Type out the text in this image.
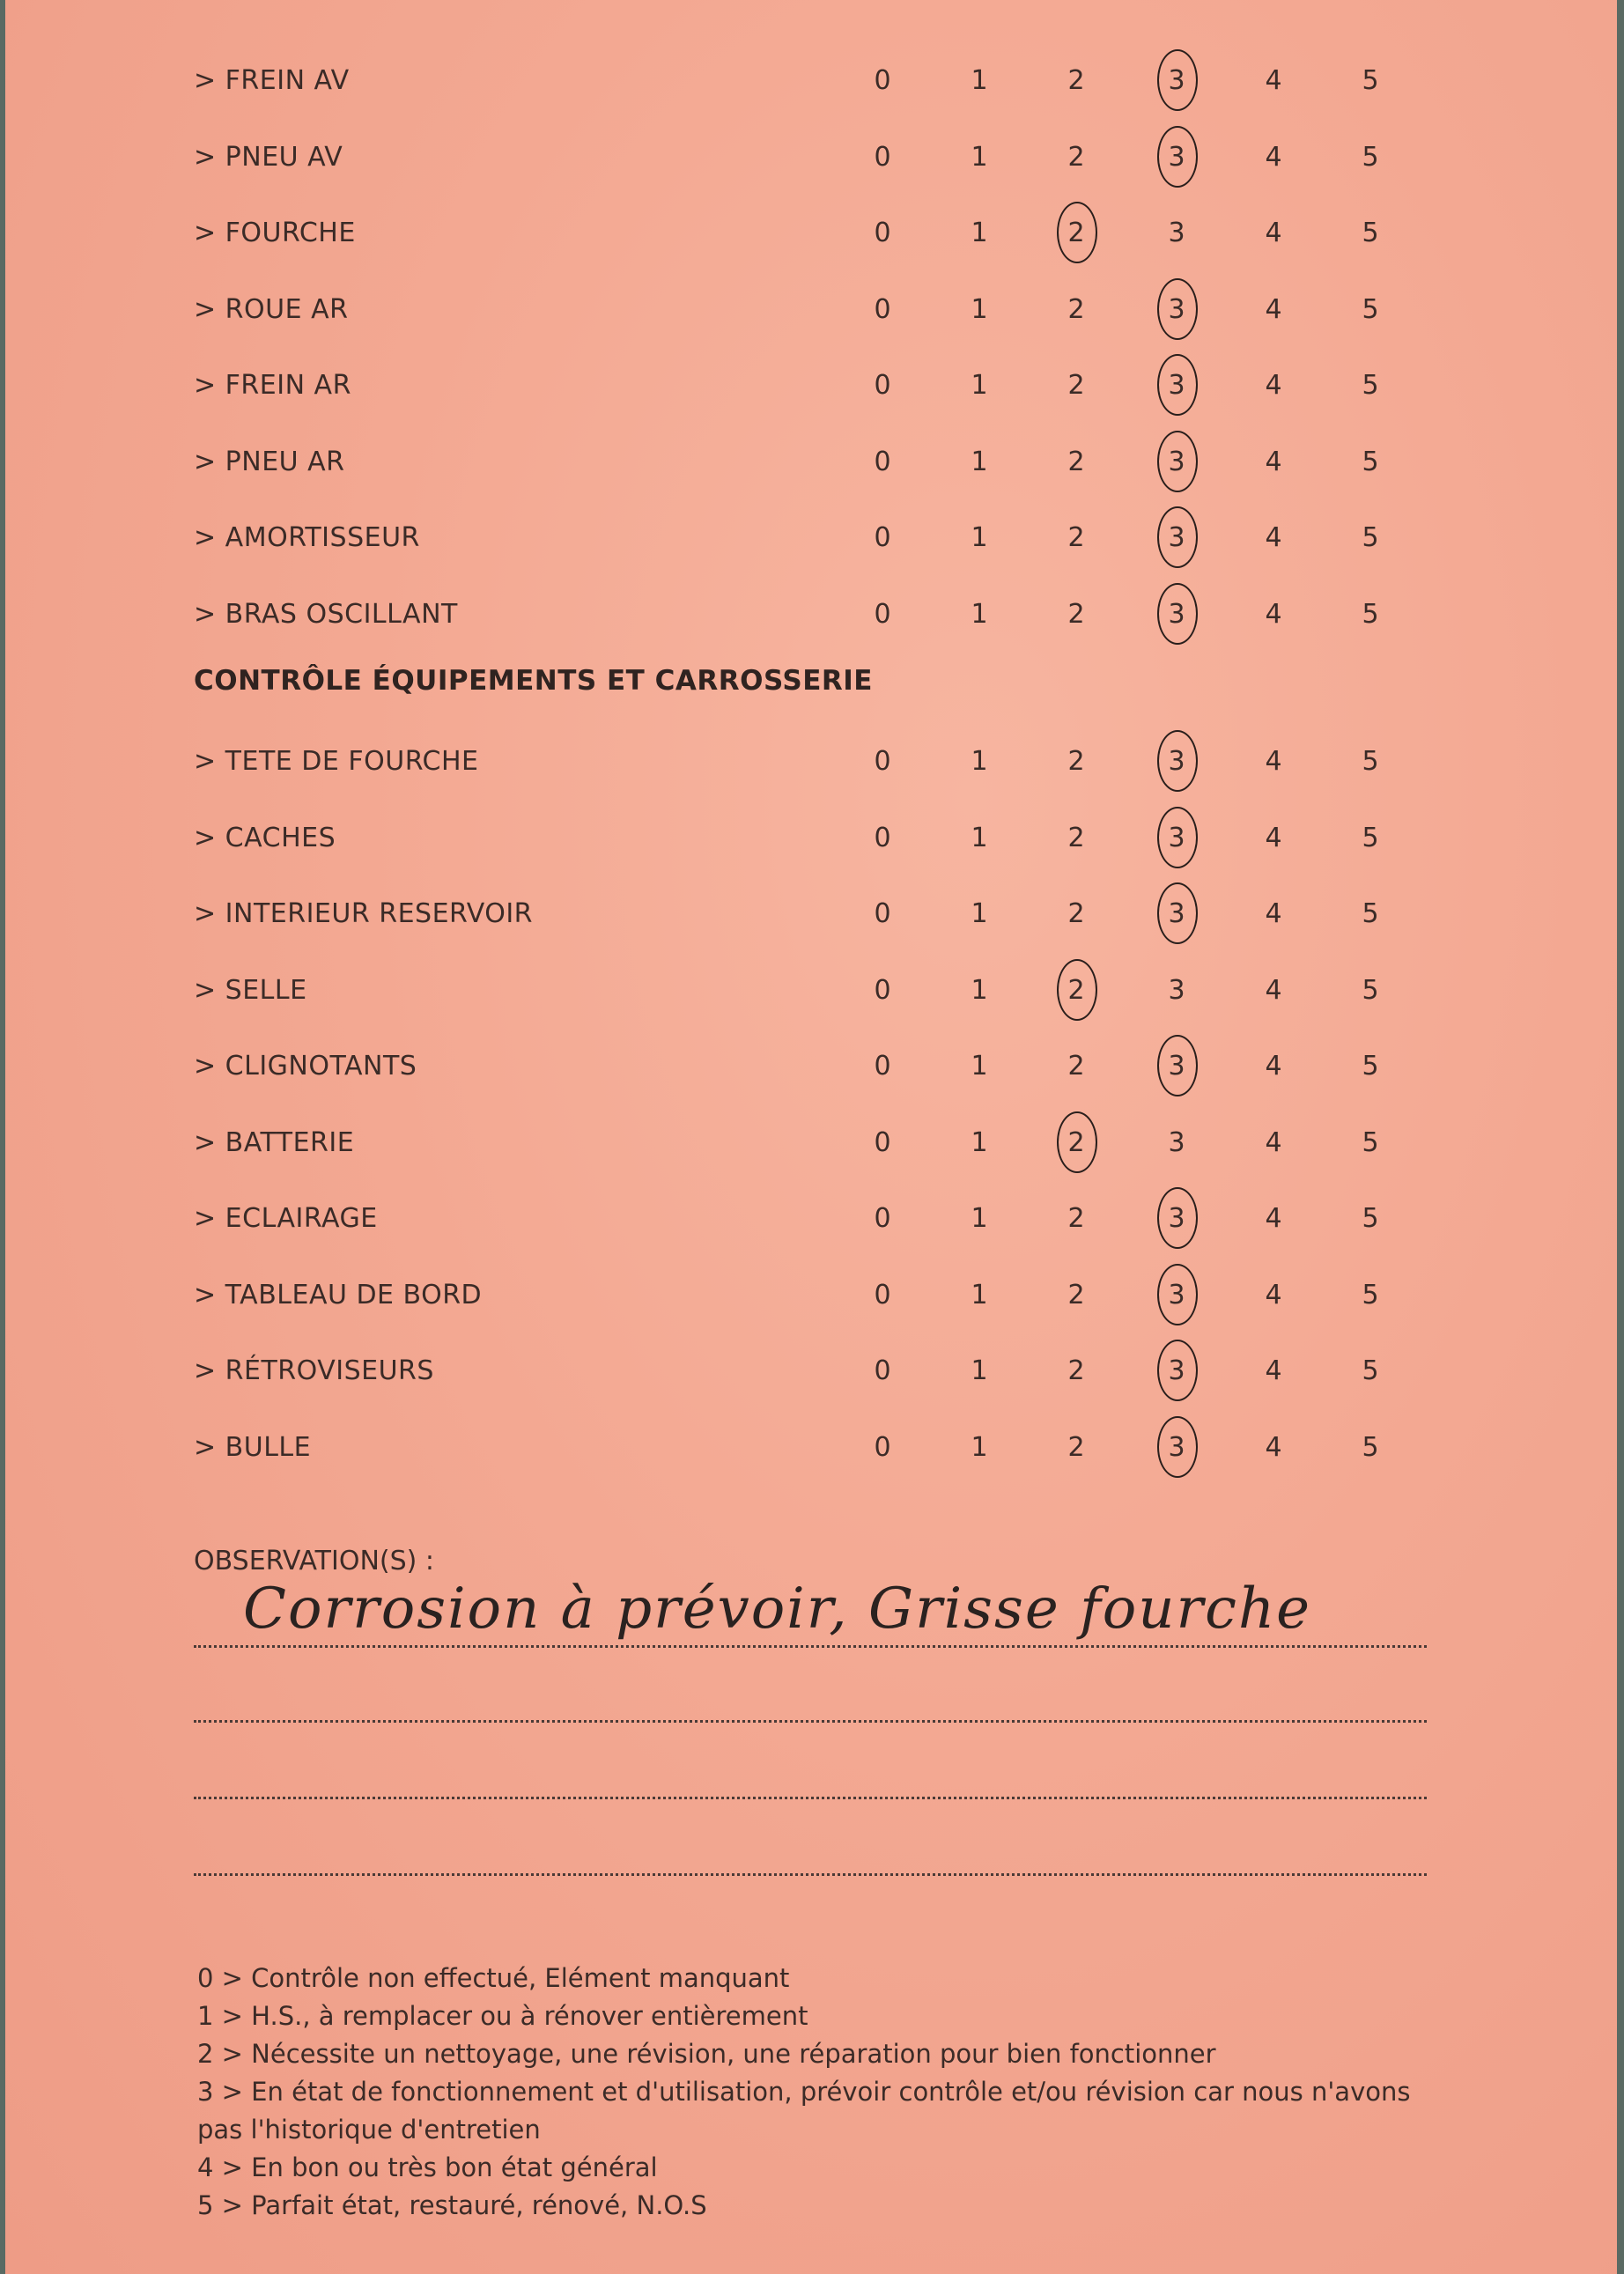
> FREIN AV	0	1	2	3	4	5
> PNEU AV	0	1	2	3	4	5
> FOURCHE	0	1	2	3	4	5
> ROUE AR	0	1	2	3	4	5
> FREIN AR	0	1	2	3	4	5
> PNEU AR	0	1	2	3	4	5
> AMORTISSEUR	0	1	2	3	4	5
> BRAS OSCILLANT	0	1	2	3	4	5
CONTRÔLE ÉQUIPEMENTS ET CARROSSERIE
> TETE DE FOURCHE	0	1	2	3	4	5
> CACHES	0	1	2	3	4	5
> INTERIEUR RESERVOIR	0	1	2	3	4	5
> SELLE	0	1	2	3	4	5
> CLIGNOTANTS	0	1	2	3	4	5
> BATTERIE	0	1	2	3	4	5
> ECLAIRAGE	0	1	2	3	4	5
> TABLEAU DE BORD	0	1	2	3	4	5
> RÉTROVISEURS	0	1	2	3	4	5
> BULLE	0	1	2	3	4	5
OBSERVATION(S) :
Corrosion à prévoir, Grisse fourche

0 > Contrôle non effectué, Elément manquant

1 > H.S., à remplacer ou à rénover entièrement

2 > Nécessite un nettoyage, une révision, une réparation pour bien fonctionner

3 > En état de fonctionnement et d'utilisation, prévoir contrôle et/ou révision car nous n'avons pas l'historique d'entretien

4 > En bon ou très bon état général

5 > Parfait état, restauré, rénové, N.O.S
